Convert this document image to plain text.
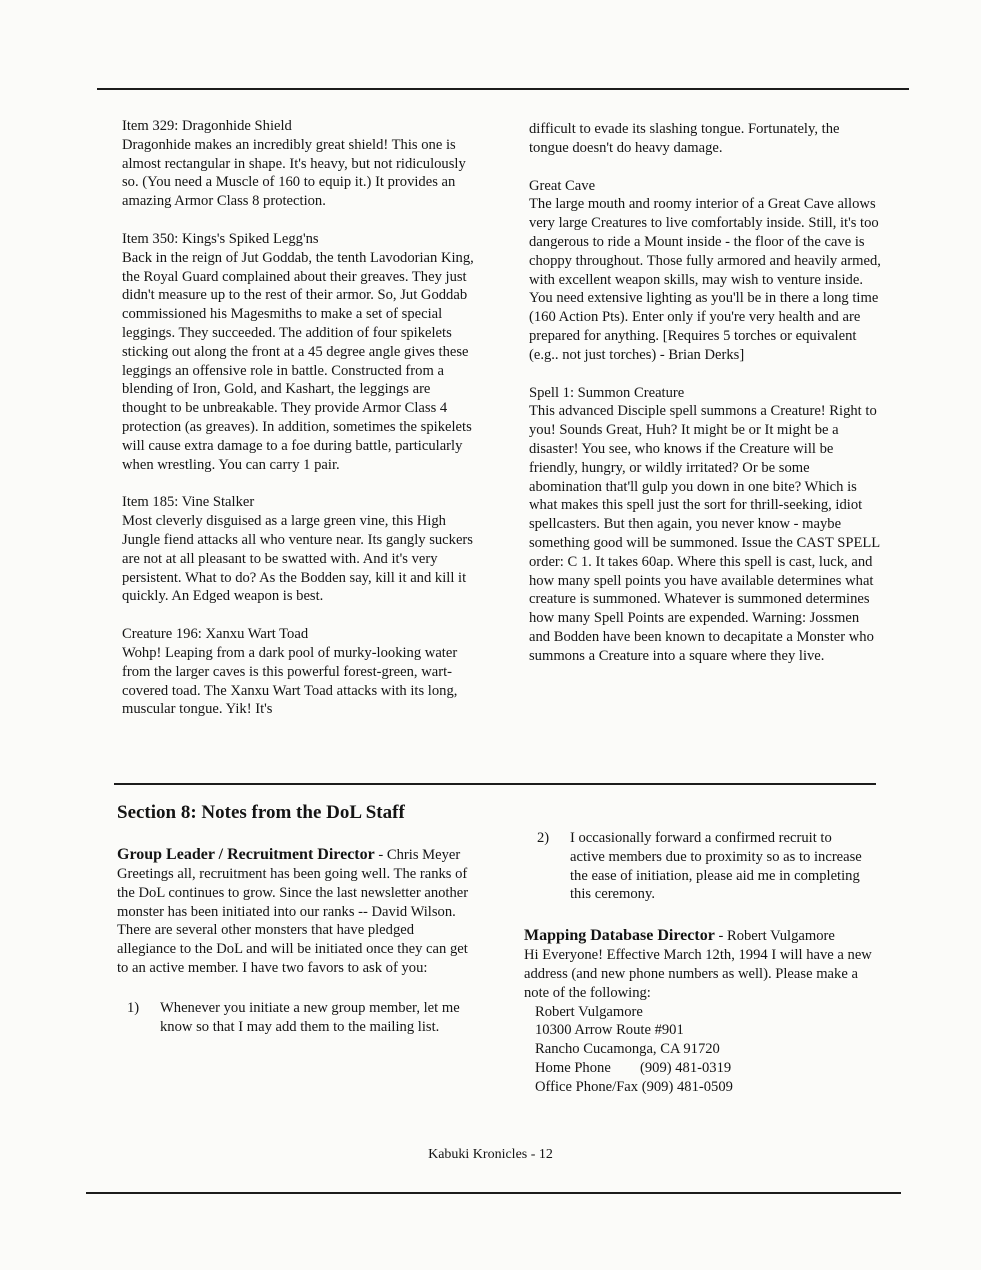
Item 329: Dragonhide Shield

Dragonhide makes an incredibly great shield! This one is almost rectangular in shape. It's heavy, but not ridiculously so. (You need a Muscle of 160 to equip it.) It provides an amazing Armor Class 8 protection.

Item 350: Kings's Spiked Legg'ns

Back in the reign of Jut Goddab, the tenth Lavodorian King, the Royal Guard complained about their greaves. They just didn't measure up to the rest of their armor. So, Jut Goddab commissioned his Magesmiths to make a set of special leggings. They succeeded. The addition of four spikelets sticking out along the front at a 45 degree angle gives these leggings an offensive role in battle. Constructed from a blending of Iron, Gold, and Kashart, the leggings are thought to be unbreakable. They provide Armor Class 4 protection (as greaves). In addition, sometimes the spikelets will cause extra damage to a foe during battle, particularly when wrestling. You can carry 1 pair.

Item 185: Vine Stalker

Most cleverly disguised as a large green vine, this High Jungle fiend attacks all who venture near. Its gangly suckers are not at all pleasant to be swatted with. And it's very persistent. What to do? As the Bodden say, kill it and kill it quickly. An Edged weapon is best.

Creature 196: Xanxu Wart Toad

Wohp! Leaping from a dark pool of murky-looking water from the larger caves is this powerful forest-green, wart-covered toad. The Xanxu Wart Toad attacks with its long, muscular tongue. Yik! It's

difficult to evade its slashing tongue. Fortunately, the tongue doesn't do heavy damage.

Great Cave

The large mouth and roomy interior of a Great Cave allows very large Creatures to live comfortably inside. Still, it's too dangerous to ride a Mount inside - the floor of the cave is choppy throughout. Those fully armored and heavily armed, with excellent weapon skills, may wish to venture inside. You need extensive lighting as you'll be in there a long time (160 Action Pts). Enter only if you're very health and are prepared for anything. [Requires 5 torches or equivalent (e.g.. not just torches) - Brian Derks]

Spell 1: Summon Creature

This advanced Disciple spell summons a Creature! Right to you! Sounds Great, Huh? It might be or It might be a disaster! You see, who knows if the Creature will be friendly, hungry, or wildly irritated? Or be some abomination that'll gulp you down in one bite? Which is what makes this spell just the sort for thrill-seeking, idiot spellcasters. But then again, you never know - maybe something good will be summoned. Issue the CAST SPELL order: C 1. It takes 60ap. Where this spell is cast, luck, and how many spell points you have available determines what creature is summoned. Whatever is summoned determines how many Spell Points are expended. Warning: Jossmen and Bodden have been known to decapitate a Monster who summons a Creature into a square where they live.

Section 8: Notes from the DoL Staff
Group Leader / Recruitment Director - Chris Meyer

Greetings all, recruitment has been going well. The ranks of the DoL continues to grow. Since the last newsletter another monster has been initiated into our ranks -- David Wilson. There are several other monsters that have pledged allegiance to the DoL and will be initiated once they can get to an active member. I have two favors to ask of you:

1)	Whenever you initiate a new group member, let me know so that I may add them to the mailing list.
2)	I occasionally forward a confirmed recruit to active members due to proximity so as to increase the ease of initiation, please aid me in completing this ceremony.
Mapping Database Director - Robert Vulgamore

Hi Everyone! Effective March 12th, 1994 I will have a new address (and new phone numbers as well). Please make a note of the following:

Robert Vulgamore
10300 Arrow Route #901
Rancho Cucamonga, CA 91720
Home Phone        (909) 481-0319
Office Phone/Fax (909) 481-0509
Kabuki Kronicles - 12
